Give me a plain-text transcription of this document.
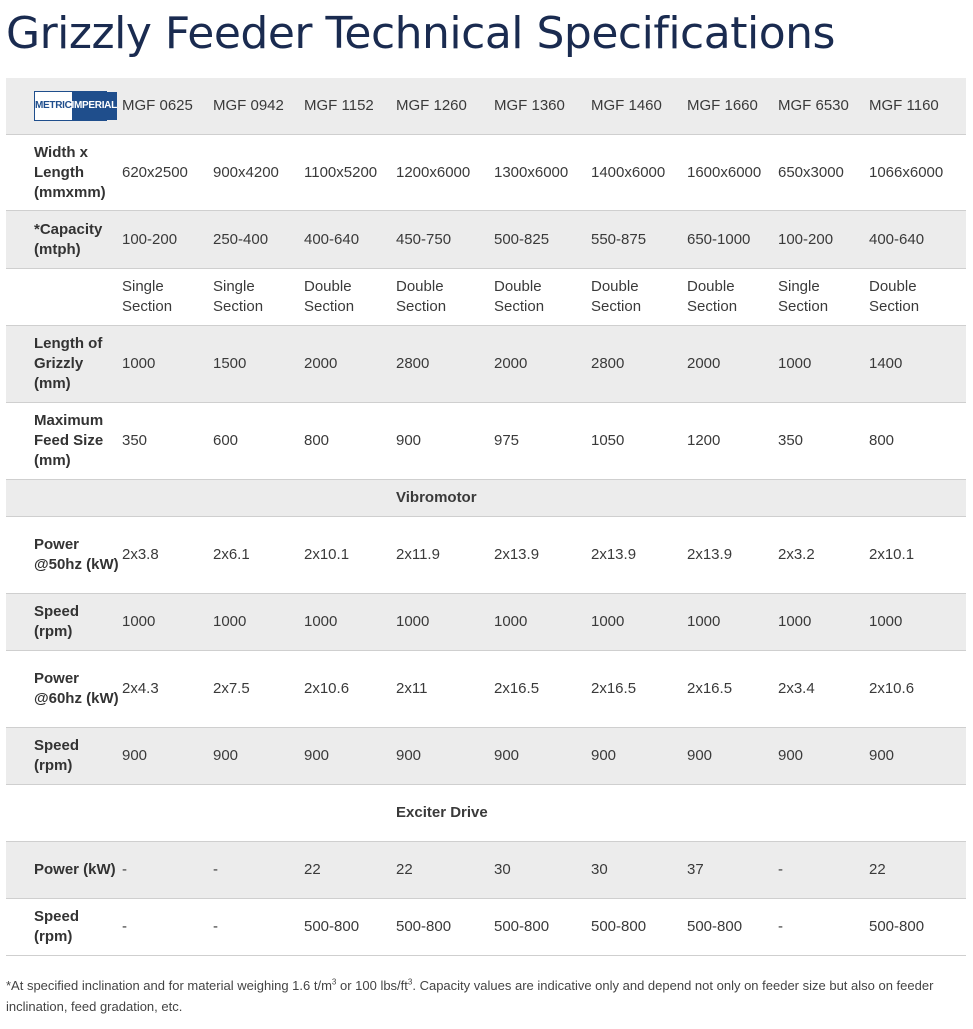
Grizzly Feeder Technical Specifications
METRIC IMPERIAL	MGF 0625	MGF 0942	MGF 1152	MGF 1260	MGF 1360	MGF 1460	MGF 1660	MGF 6530	MGF 1160
Width x Length (mmxmm)	620x2500	900x4200	1100x5200	1200x6000	1300x6000	1400x6000	1600x6000	650x3000	1066x6000
*Capacity (mtph)	100-200	250-400	400-640	450-750	500-825	550-875	650-1000	100-200	400-640
	Single Section	Single Section	Double Section	Double Section	Double Section	Double Section	Double Section	Single Section	Double Section
Length of Grizzly (mm)	1000	1500	2000	2800	2000	2800	2000	1000	1400
Maximum Feed Size (mm)	350	600	800	900	975	1050	1200	350	800
				Vibromotor					
Power @50hz (kW)	2x3.8	2x6.1	2x10.1	2x11.9	2x13.9	2x13.9	2x13.9	2x3.2	2x10.1
Speed (rpm)	1000	1000	1000	1000	1000	1000	1000	1000	1000
Power @60hz (kW)	2x4.3	2x7.5	2x10.6	2x11	2x16.5	2x16.5	2x16.5	2x3.4	2x10.6
Speed (rpm)	900	900	900	900	900	900	900	900	900
				Exciter Drive					
Power (kW)	-	-	22	22	30	30	37	-	22
Speed (rpm)	-	-	500-800	500-800	500-800	500-800	500-800	-	500-800

*At specified inclination and for material weighing 1.6 $t/m^3$ or 100 lbs/$ft^3$. Capacity values are indicative only and depend not only on feeder size but also on feeder inclination, feed gradation, etc.
